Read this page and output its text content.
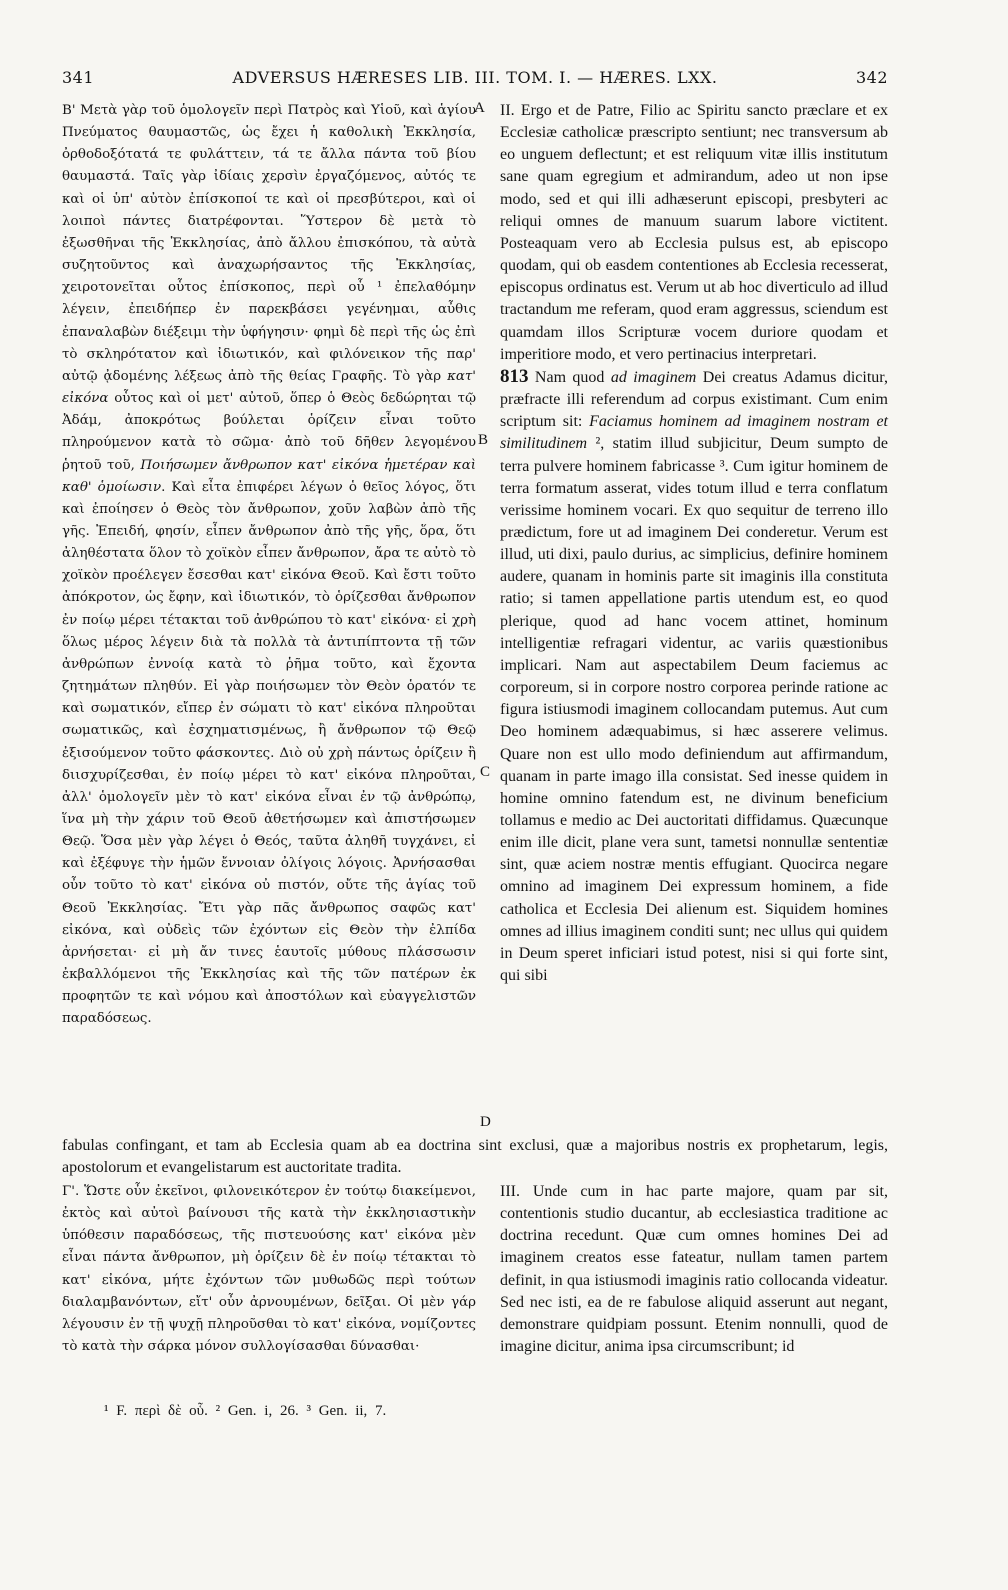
341	ADVERSUS HÆRESES LIB. III. TOM. I. — HÆRES. LXX.	342
A
B
C
D

Β' Μετὰ γὰρ τοῦ ὁμολογεῖν περὶ Πατρὸς καὶ Υἱοῦ, καὶ ἁγίου Πνεύματος θαυμαστῶς, ὡς ἔχει ἡ καθολικὴ Ἐκκλησία, ὀρθοδοξότατά τε φυλάττειν, τά τε ἄλλα πάντα τοῦ βίου θαυμαστά. Ταῖς γὰρ ἰδίαις χερσὶν ἐργαζόμενος, αὐτός τε καὶ οἱ ὑπ' αὐτὸν ἐπίσκοποί τε καὶ οἱ πρεσβύτεροι, καὶ οἱ λοιποὶ πάντες διατρέφονται. Ὕστερον δὲ μετὰ τὸ ἐξωσθῆναι τῆς Ἐκκλησίας, ἀπὸ ἄλλου ἐπισκόπου, τὰ αὐτὰ συζητοῦντος καὶ ἀναχωρήσαντος τῆς Ἐκκλησίας, χειροτονεῖται οὗτος ἐπίσκοπος, περὶ οὗ ¹ ἐπελαθόμην λέγειν, ἐπειδήπερ ἐν παρεκβάσει γεγένημαι, αὖθις ἐπαναλαβὼν διέξειμι τὴν ὑφήγησιν· φημὶ δὲ περὶ τῆς ὡς ἐπὶ τὸ σκληρότατον καὶ ἰδιωτικόν, καὶ φιλόνεικον τῆς παρ' αὐτῷ ᾀδομένης λέξεως ἀπὸ τῆς θείας Γραφῆς. Τὸ γὰρ κατ' εἰκόνα οὗτος καὶ οἱ μετ' αὐτοῦ, ὅπερ ὁ Θεὸς δεδώρηται τῷ Ἀδάμ, ἀποκρότως βούλεται ὁρίζειν εἶναι τοῦτο πληρούμενον κατὰ τὸ σῶμα· ἀπὸ τοῦ δῆθεν λεγομένου ῥητοῦ τοῦ, Ποιήσωμεν ἄνθρωπον κατ' εἰκόνα ἡμετέραν καὶ καθ' ὁμοίωσιν. Καὶ εἶτα ἐπιφέρει λέγων ὁ θεῖος λόγος, ὅτι καὶ ἐποίησεν ὁ Θεὸς τὸν ἄνθρωπον, χοῦν λαβὼν ἀπὸ τῆς γῆς. Ἐπειδή, φησίν, εἶπεν ἄνθρωπον ἀπὸ τῆς γῆς, ὅρα, ὅτι ἀληθέστατα ὅλον τὸ χοϊκὸν εἶπεν ἄνθρωπον, ἄρα τε αὐτὸ τὸ χοϊκὸν προέλεγεν ἔσεσθαι κατ' εἰκόνα Θεοῦ. Καὶ ἔστι τοῦτο ἀπόκροτον, ὡς ἔφην, καὶ ἰδιωτικόν, τὸ ὁρίζεσθαι ἄνθρωπον ἐν ποίῳ μέρει τέτακται τοῦ ἀνθρώπου τὸ κατ' εἰκόνα· εἰ χρὴ ὅλως μέρος λέγειν διὰ τὰ πολλὰ τὰ ἀντιπίπτοντα τῇ τῶν ἀνθρώπων ἐννοίᾳ κατὰ τὸ ῥῆμα τοῦτο, καὶ ἔχοντα ζητημάτων πληθύν. Εἰ γὰρ ποιήσωμεν τὸν Θεὸν ὁρατόν τε καὶ σωματικόν, εἴπερ ἐν σώματι τὸ κατ' εἰκόνα πληροῦται σωματικῶς, καὶ ἐσχηματισμένως, ἢ ἄνθρωπον τῷ Θεῷ ἐξισούμενον τοῦτο φάσκοντες. Διὸ οὐ χρὴ πάντως ὁρίζειν ἢ διισχυρίζεσθαι, ἐν ποίῳ μέρει τὸ κατ' εἰκόνα πληροῦται, ἀλλ' ὁμολογεῖν μὲν τὸ κατ' εἰκόνα εἶναι ἐν τῷ ἀνθρώπῳ, ἵνα μὴ τὴν χάριν τοῦ Θεοῦ ἀθετήσωμεν καὶ ἀπιστήσωμεν Θεῷ. Ὅσα μὲν γὰρ λέγει ὁ Θεός, ταῦτα ἀληθῆ τυγχάνει, εἰ καὶ ἐξέφυγε τὴν ἡμῶν ἔννοιαν ὀλίγοις λόγοις. Ἀρνήσασθαι οὖν τοῦτο τὸ κατ' εἰκόνα οὐ πιστόν, οὔτε τῆς ἁγίας τοῦ Θεοῦ Ἐκκλησίας. Ἔτι γὰρ πᾶς ἄνθρωπος σαφῶς κατ' εἰκόνα, καὶ οὐδεὶς τῶν ἐχόντων εἰς Θεὸν τὴν ἐλπίδα ἀρνήσεται· εἰ μὴ ἄν τινες ἑαυτοῖς μύθους πλάσσωσιν ἐκβαλλόμενοι τῆς Ἐκκλησίας καὶ τῆς τῶν πατέρων ἐκ προφητῶν τε καὶ νόμου καὶ ἀποστόλων καὶ εὐαγγελιστῶν παραδόσεως.

II. Ergo et de Patre, Filio ac Spiritu sancto præclare et ex Ecclesiæ catholicæ præscripto sentiunt; nec transversum ab eo unguem deflectunt; et est reliquum vitæ illis institutum sane quam egregium et admirandum, adeo ut non ipse modo, sed et qui illi adhæserunt episcopi, presbyteri ac reliqui omnes de manuum suarum labore victitent. Posteaquam vero ab Ecclesia pulsus est, ab episcopo quodam, qui ob easdem contentiones ab Ecclesia recesserat, episcopus ordinatus est. Verum ut ab hoc diverticulo ad illud tractandum me referam, quod eram aggressus, sciendum est quamdam illos Scripturæ vocem duriore quodam et imperitiore modo, et vero pertinacius interpretari.

813 Nam quod ad imaginem Dei creatus Adamus dicitur, præfracte illi referendum ad corpus existimant. Cum enim scriptum sit: Faciamus hominem ad imaginem nostram et similitudinem ², statim illud subjicitur, Deum sumpto de terra pulvere hominem fabricasse ³. Cum igitur hominem de terra formatum asserat, vides totum illud e terra conflatum verissime hominem vocari. Ex quo sequitur de terreno illo prædictum, fore ut ad imaginem Dei conderetur. Verum est illud, uti dixi, paulo durius, ac simplicius, definire hominem audere, quanam in hominis parte sit imaginis illa constituta ratio; si tamen appellatione partis utendum est, eo quod plerique, quod ad hanc vocem attinet, hominum intelligentiæ refragari videntur, ac variis quæstionibus implicari. Nam aut aspectabilem Deum faciemus ac corporeum, si in corpore nostro corporea perinde ratione ac figura istiusmodi imaginem collocandam putemus. Aut cum Deo hominem adæquabimus, si hæc asserere velimus. Quare non est ullo modo definiendum aut affirmandum, quanam in parte imago illa consistat. Sed inesse quidem in homine omnino fatendum est, ne divinum beneficium tollamus e medio ac Dei auctoritati diffidamus. Quæcunque enim ille dicit, plane vera sunt, tametsi nonnullæ sententiæ sint, quæ aciem nostræ mentis effugiant. Quocirca negare omnino ad imaginem Dei expressum hominem, a fide catholica et Ecclesia Dei alienum est. Siquidem homines omnes ad illius imaginem conditi sunt; nec ullus qui quidem in Deum speret inficiari istud potest, nisi si qui forte sint, qui sibi

fabulas confingant, et tam ab Ecclesia quam ab ea doctrina sint exclusi, quæ a majoribus nostris ex prophetarum, legis, apostolorum et evangelistarum est auctoritate tradita.
Γ'. Ὥστε οὖν ἐκεῖνοι, φιλονεικότερον ἐν τούτῳ διακείμενοι, ἐκτὸς καὶ αὐτοὶ βαίνουσι τῆς κατὰ τὴν ἐκκλησιαστικὴν ὑπόθεσιν παραδόσεως, τῆς πιστευούσης κατ' εἰκόνα μὲν εἶναι πάντα ἄνθρωπον, μὴ ὁρίζειν δὲ ἐν ποίῳ τέτακται τὸ κατ' εἰκόνα, μήτε ἐχόντων τῶν μυθωδῶς περὶ τούτων διαλαμβανόντων, εἴτ' οὖν ἀρνουμένων, δεῖξαι. Οἱ μὲν γάρ λέγουσιν ἐν τῇ ψυχῇ πληροῦσθαι τὸ κατ' εἰκόνα, νομίζοντες τὸ κατὰ τὴν σάρκα μόνον συλλογίσασθαι δύνασθαι·
III. Unde cum in hac parte majore, quam par sit, contentionis studio ducantur, ab ecclesiastica traditione ac doctrina recedunt. Quæ cum omnes homines Dei ad imaginem creatos esse fateatur, nullam tamen partem definit, in qua istiusmodi imaginis ratio collocanda videatur. Sed nec isti, ea de re fabulose aliquid asserunt aut negant, demonstrare quidpiam possunt. Etenim nonnulli, quod de imagine dicitur, anima ipsa circumscribunt; id
¹ F. περὶ δὲ οὗ. ² Gen. i, 26. ³ Gen. ii, 7.
